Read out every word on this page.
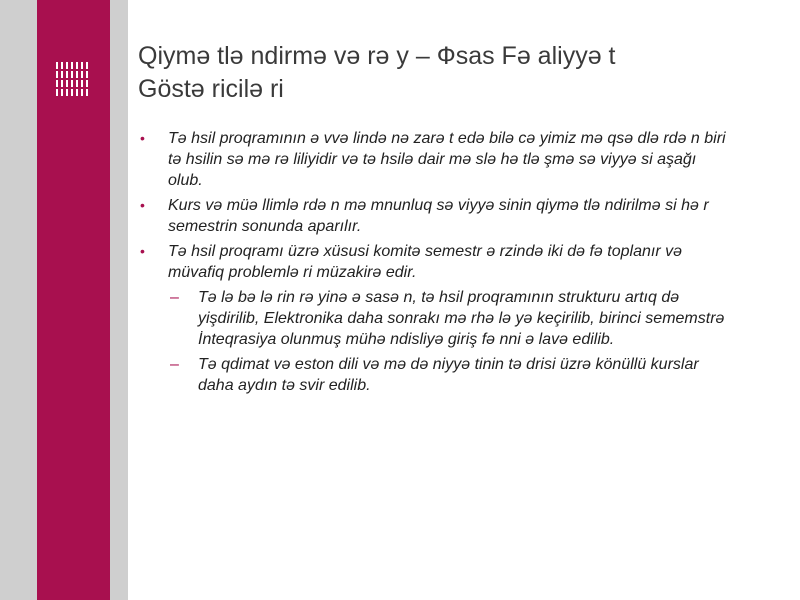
Qiymə tlə ndirmə və rə y – Фsas Fə aliyyə t
Göstə ricilə ri
•	Tə hsil proqramının ə vvə lində nə zarə t edə bilə cə yimiz mə qsə dlə rdə n biri tə hsilin sə mə rə liliyidir və tə hsilə dair mə slə hə tlə şmə sə viyyə si aşağı olub.
•	Kurs və müə llimlə rdə n mə mnunluq sə viyyə sinin qiymə tlə ndirilmə si hə r semestrin sonunda aparılır.
•	Tə hsil proqramı üzrə xüsusi komitə semestr ə rzində iki də fə toplanır və müvafiq problemlə ri müzakirə edir.
–	Tə lə bə lə rin rə yinə ə sasə n, tə hsil proqramının strukturu artıq də yişdirilib, Elektronika daha sonrakı mə rhə lə yə keçirilib, birinci sememstrə İnteqrasiya olunmuş mühə ndisliyə giriş fə nni ə lavə edilib.
–	Tə qdimat və eston dili və mə də niyyə tinin tə drisi üzrə könüllü kurslar daha aydın tə svir edilib.
